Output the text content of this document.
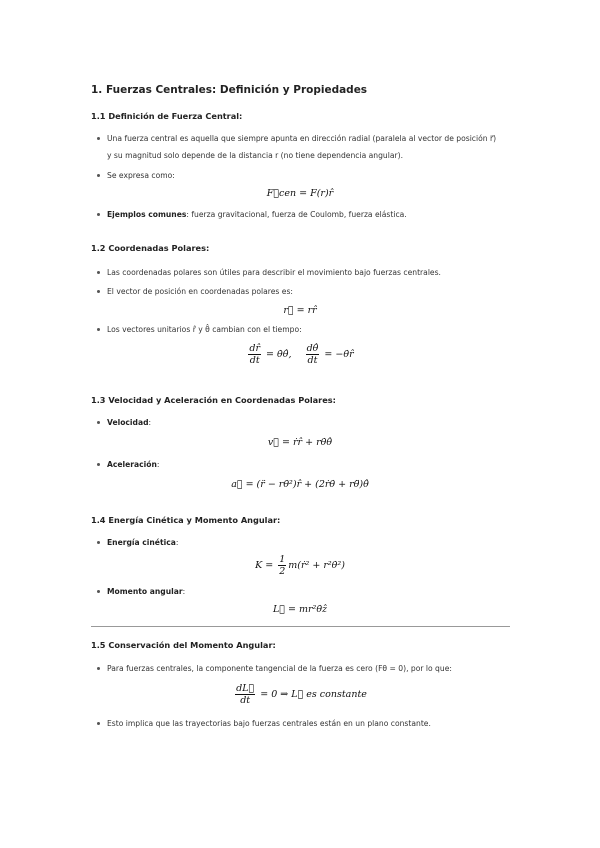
1. Fuerzas Centrales: Definición y Propiedades
1.1 Definición de Fuerza Central:
Una fuerza central es aquella que siempre apunta en dirección radial (paralela al vector de posición r⃗)
y su magnitud solo depende de la distancia r (no tiene dependencia angular).
Se expresa como:
F⃗cen = F(r)r̂
Ejemplos comunes: fuerza gravitacional, fuerza de Coulomb, fuerza elástica.
1.2 Coordenadas Polares:
Las coordenadas polares son útiles para describir el movimiento bajo fuerzas centrales.
El vector de posición en coordenadas polares es:
r⃗ = rr̂
Los vectores unitarios r̂ y θ̂ cambian con el tiempo:
$\frac{dr̂}{dt}$ = θ̇θ̂, $\frac{d\thetâ}{dt}$ = −θ̇r̂
1.3 Velocidad y Aceleración en Coordenadas Polares:
Velocidad:
v⃗ = ṙr̂ + rθ̇θ̂
Aceleración:
a⃗ = (r̈ − rθ̇²)r̂ + (2ṙθ̇ + rθ̈)θ̂
1.4 Energía Cinética y Momento Angular:
Energía cinética:
$K = \frac{1}{2}$ m(ṙ² + r²θ̇²)
Momento angular:
L⃗ = mr²θ̇ẑ
1.5 Conservación del Momento Angular:
Para fuerzas centrales, la componente tangencial de la fuerza es cero (Fθ = 0), por lo que:
$\frac{dL⃗}{dt} = 0$ ⇒ L⃗ es constante
Esto implica que las trayectorias bajo fuerzas centrales están en un plano constante.
